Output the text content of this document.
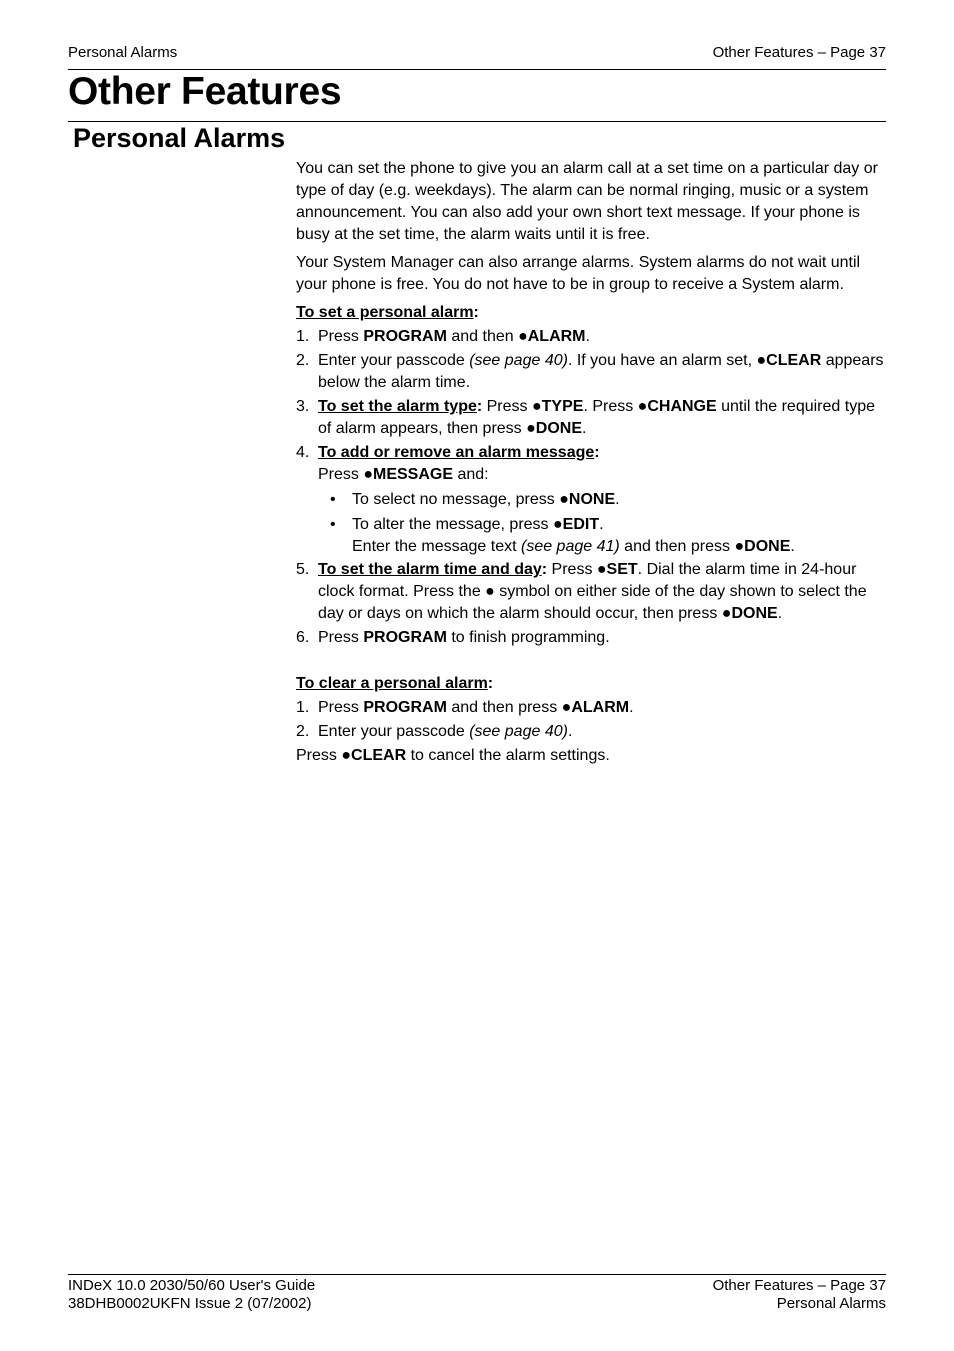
Personal Alarms	Other Features – Page 37
Other Features
Personal Alarms

You can set the phone to give you an alarm call at a set time on a particular day or type of day (e.g. weekdays). The alarm can be normal ringing, music or a system announcement. You can also add your own short text message. If your phone is busy at the set time, the alarm waits until it is free.

Your System Manager can also arrange alarms. System alarms do not wait until your phone is free. You do not have to be in group to receive a System alarm.

To set a personal alarm:
1. Press PROGRAM and then ●ALARM.
2. Enter your passcode (see page 40). If you have an alarm set, ●CLEAR appears below the alarm time.
3. To set the alarm type: Press ●TYPE. Press ●CHANGE until the required type of alarm appears, then press ●DONE.
4. To add or remove an alarm message:
Press ●MESSAGE and:
•	To select no message, press ●NONE.
•	To alter the message, press ●EDIT.
Enter the message text (see page 41) and then press ●DONE.
5. To set the alarm time and day: Press ●SET. Dial the alarm time in 24-hour clock format. Press the ● symbol on either side of the day shown to select the day or days on which the alarm should occur, then press ●DONE.
6. Press PROGRAM to finish programming.
To clear a personal alarm:
1. Press PROGRAM and then press ●ALARM.
2. Enter your passcode (see page 40).
Press ●CLEAR to cancel the alarm settings.
INDeX 10.0 2030/50/60 User's Guide
38DHB0002UKFN Issue 2 (07/2002)
Other Features – Page 37
Personal Alarms
